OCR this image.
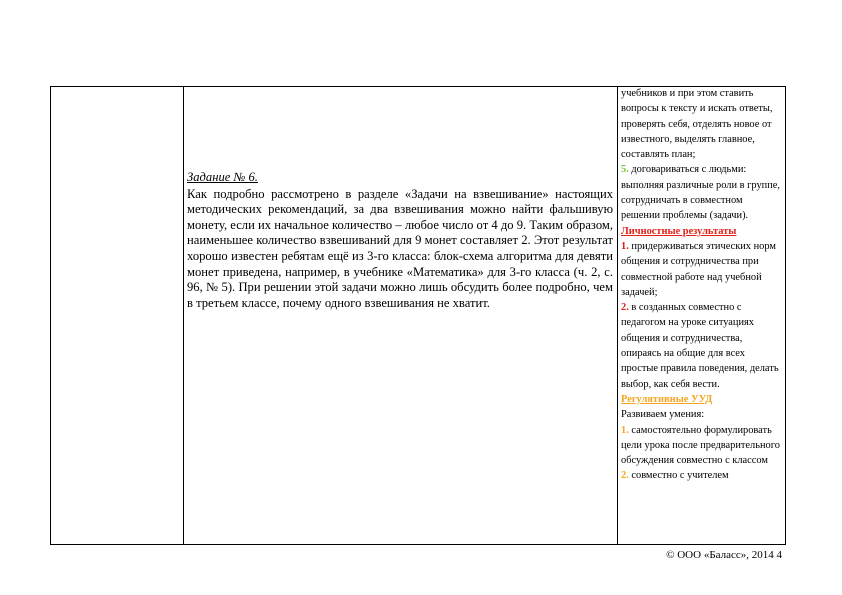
Задание № 6.

Как подробно рассмотрено в разделе «Задачи на взвешивание» настоящих методических рекомендаций, за два взвешивания можно найти фальшивую монету, если их начальное количество – любое число от 4 до 9. Таким образом, наименьшее количество взвешиваний для 9 монет составляет 2. Этот результат хорошо известен ребятам ещё из 3-го класса: блок-схема алгоритма для девяти монет приведена, например, в учебнике «Математика» для 3-го класса (ч. 2, с. 96, № 5). При решении этой задачи можно лишь обсудить более подробно, чем в третьем классе, почему одного взвешивания не хватит.

учебников и при этом ставить вопросы к тексту и искать ответы, проверять себя, отделять новое от известного, выделять главное, составлять план;

5. договариваться с людьми: выполняя различные роли в группе, сотрудничать в совместном решении проблемы (задачи).

Личностные результаты

1. придерживаться этических норм общения и сотрудничества при совместной работе над учебной задачей;

2. в созданных совместно с педагогом на уроке ситуациях общения и сотрудничества, опираясь на общие для всех простые правила поведения, делать выбор, как себя вести.

Регулятивные УУД

Развиваем умения:

1. самостоятельно формулировать цели урока после предварительного обсуждения совместно с классом

2. совместно с учителем

© ООО «Баласс», 2014 4
